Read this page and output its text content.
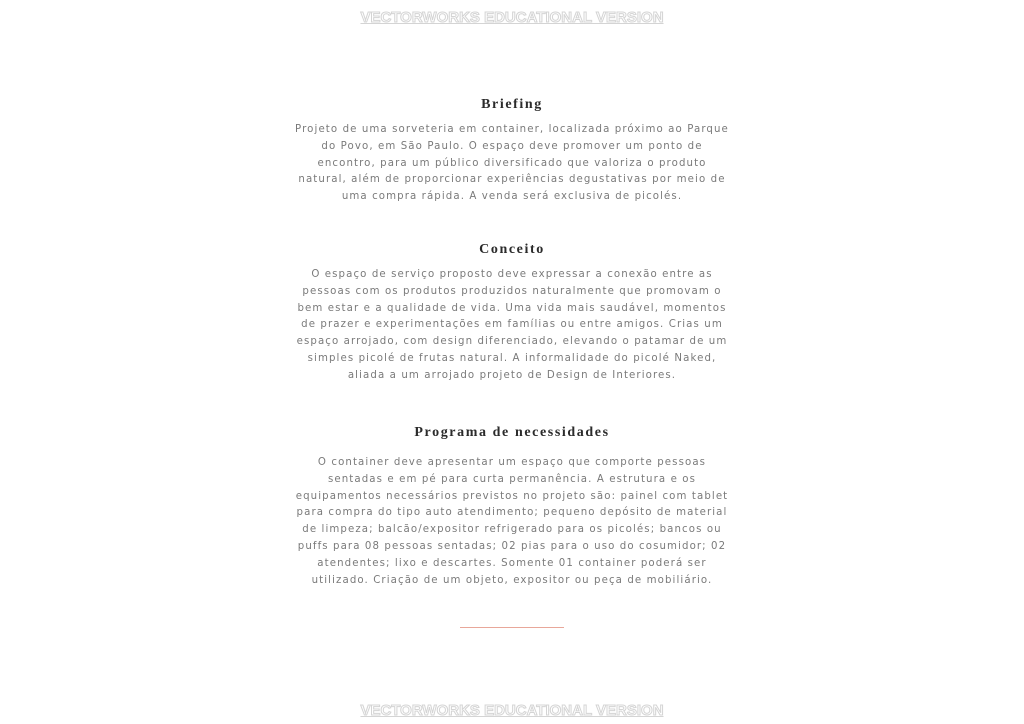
VECTORWORKS EDUCATIONAL VERSION
Briefing
Projeto de uma sorveteria em container, localizada próximo ao Parque
do Povo, em São Paulo. O espaço deve promover um ponto de
encontro, para um público diversificado que valoriza o produto
natural, além de proporcionar experiências degustativas por meio de
uma compra rápida. A venda será exclusiva de picolés.
Conceito
O espaço de serviço proposto deve expressar a conexão entre as
pessoas com os produtos produzidos naturalmente que promovam o
bem estar e a qualidade de vida. Uma vida mais saudável, momentos
de prazer e experimentações em famílias ou entre amigos. Crias um
espaço arrojado, com design diferenciado, elevando o patamar de um
simples picolé de frutas natural. A informalidade do picolé Naked,
aliada a um arrojado projeto de Design de Interiores.
Programa de necessidades
O container deve apresentar um espaço que comporte pessoas
sentadas e em pé para curta permanência. A estrutura e os
equipamentos necessários previstos no projeto são: painel com tablet
para compra do tipo auto atendimento; pequeno depósito de material
de limpeza; balcão/expositor refrigerado para os picolés; bancos ou
puffs para 08 pessoas sentadas; 02 pias para o uso do cosumidor; 02
atendentes; lixo e descartes. Somente 01 container poderá ser
utilizado. Criação de um objeto, expositor ou peça de mobiliário.
VECTORWORKS EDUCATIONAL VERSION
